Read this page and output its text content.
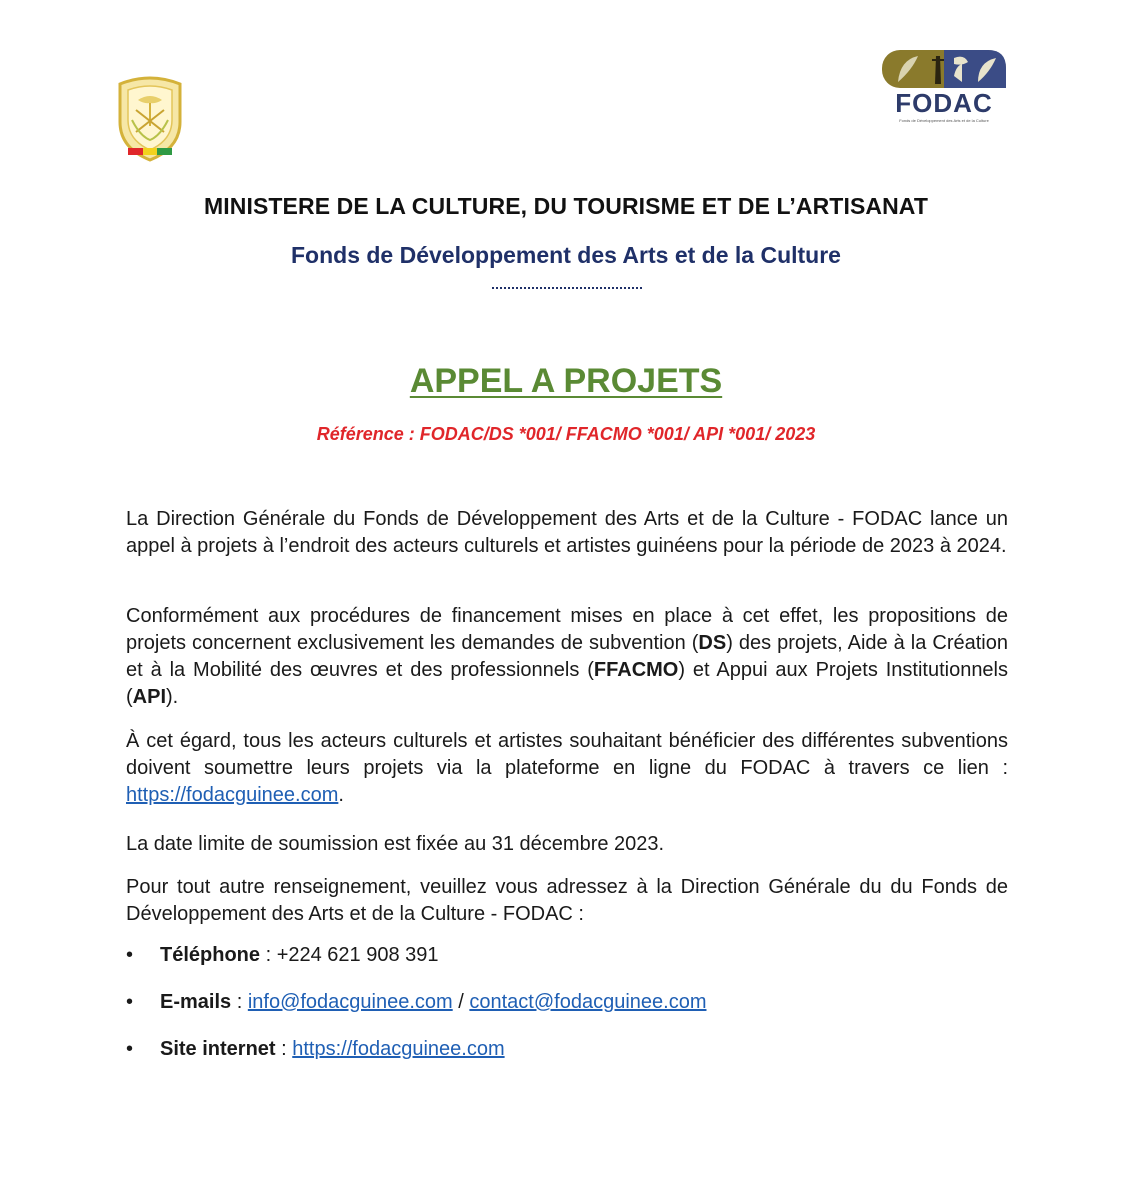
FODAC
Fonds de Développement des Arts et de la Culture
MINISTERE DE LA CULTURE, DU TOURISME ET DE L’ARTISANAT
Fonds de Développement des Arts et de la Culture
APPEL A PROJETS
Référence : FODAC/DS *001/ FFACMO *001/ API *001/ 2023
La Direction Générale du Fonds de Développement des Arts et de la Culture - FODAC lance un appel à projets à l’endroit des acteurs culturels et artistes guinéens pour la période de 2023 à 2024.
Conformément aux procédures de financement mises en place à cet effet, les propositions de projets concernent exclusivement les demandes de subvention (DS) des projets, Aide à la Création et à la Mobilité des œuvres et des professionnels (FFACMO) et Appui aux Projets Institutionnels (API).
À cet égard, tous les acteurs culturels et artistes souhaitant bénéficier des différentes subventions doivent soumettre leurs projets via la plateforme en ligne du FODAC à travers ce lien : https://fodacguinee.com.
La date limite de soumission est fixée au 31 décembre 2023.
Pour tout autre renseignement, veuillez vous adressez à la Direction Générale du du Fonds de Développement des Arts et de la Culture - FODAC :
•	Téléphone : +224 621 908 391
•	E-mails : info@fodacguinee.com / contact@fodacguinee.com
•	Site internet : https://fodacguinee.com
